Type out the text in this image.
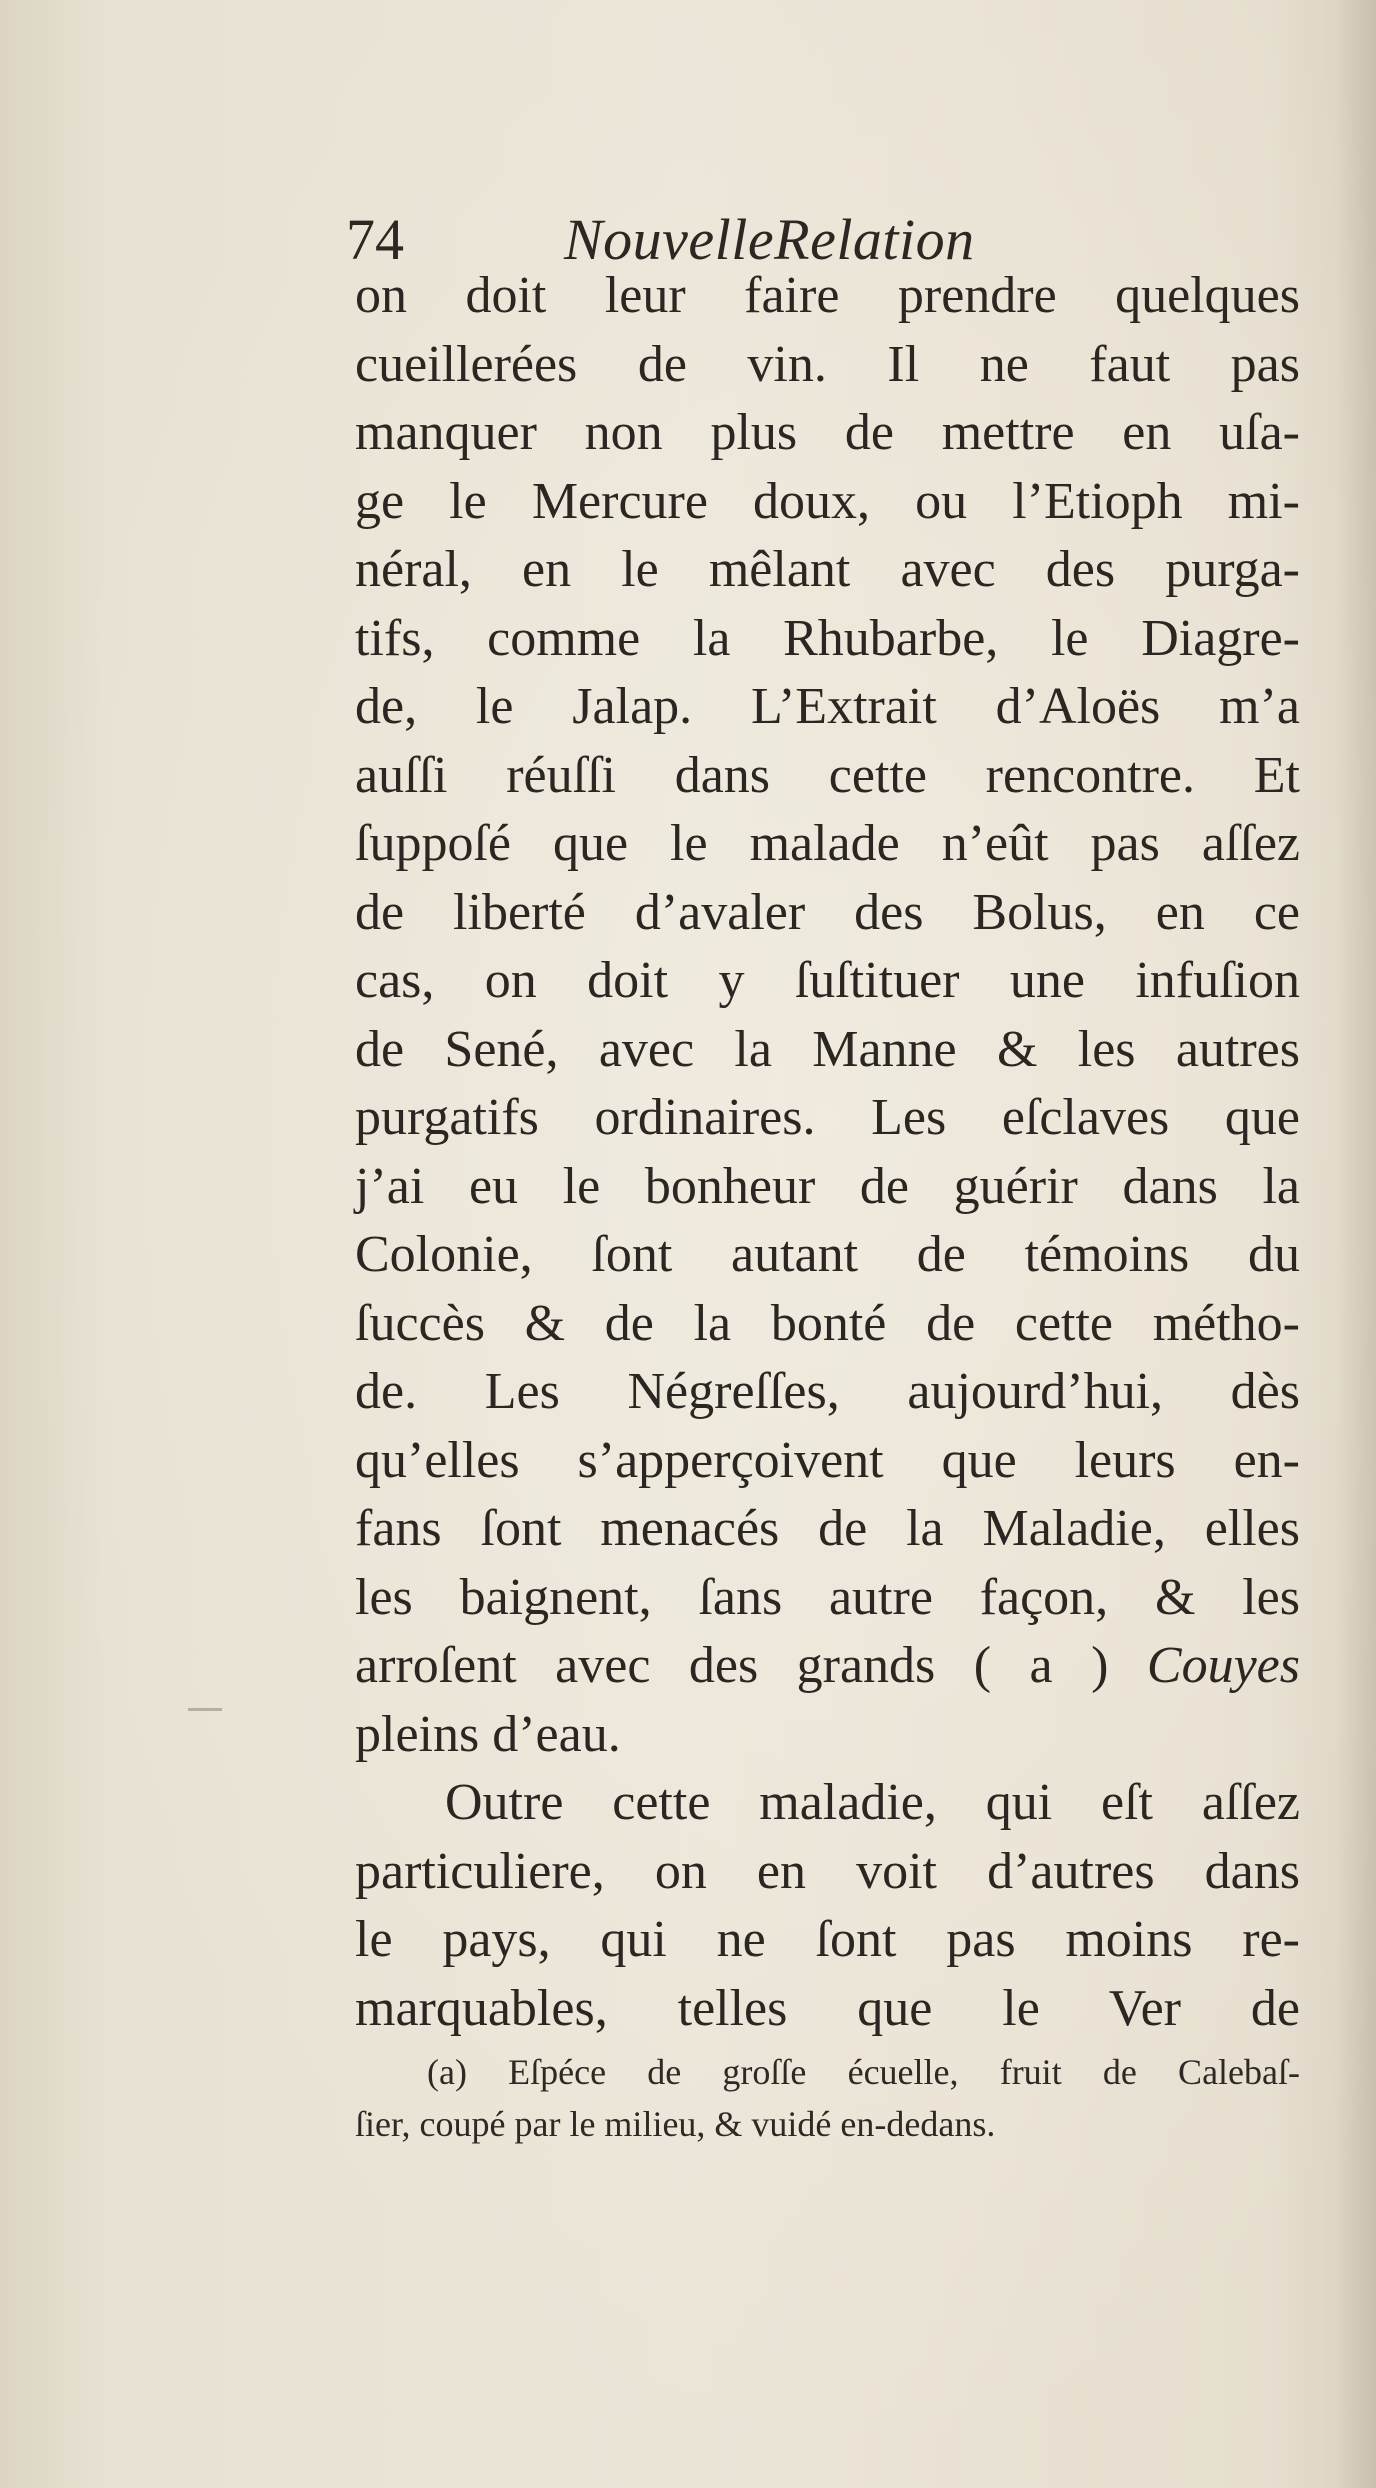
74	NouvelleRelation
on doit leur faire prendre quelques
cueillerées de vin. Il ne faut pas
manquer non plus de mettre en uſa-
ge le Mercure doux, ou l’Etioph mi-
néral, en le mêlant avec des purga-
tifs, comme la Rhubarbe, le Diagre-
de, le Jalap. L’Extrait d’Aloës m’a
auſſi réuſſi dans cette rencontre. Et
ſuppoſé que le malade n’eût pas aſſez
de liberté d’avaler des Bolus, en ce
cas, on doit y ſuſtituer une infuſion
de Sené, avec la Manne & les autres
purgatifs ordinaires. Les eſclaves que
j’ai eu le bonheur de guérir dans la
Colonie, ſont autant de témoins du
ſuccès & de la bonté de cette métho-
de. Les Négreſſes, aujourd’hui, dès
qu’elles s’apperçoivent que leurs en-
fans ſont menacés de la Maladie, elles
les baignent, ſans autre façon, & les
arroſent avec des grands ( a ) Couyes
pleins d’eau.
Outre cette maladie, qui eſt aſſez
particuliere, on en voit d’autres dans
le pays, qui ne ſont pas moins re-
marquables, telles que le Ver de
(a) Eſpéce de groſſe écuelle, fruit de Calebaſ-
ſier, coupé par le milieu, & vuidé en-dedans.
